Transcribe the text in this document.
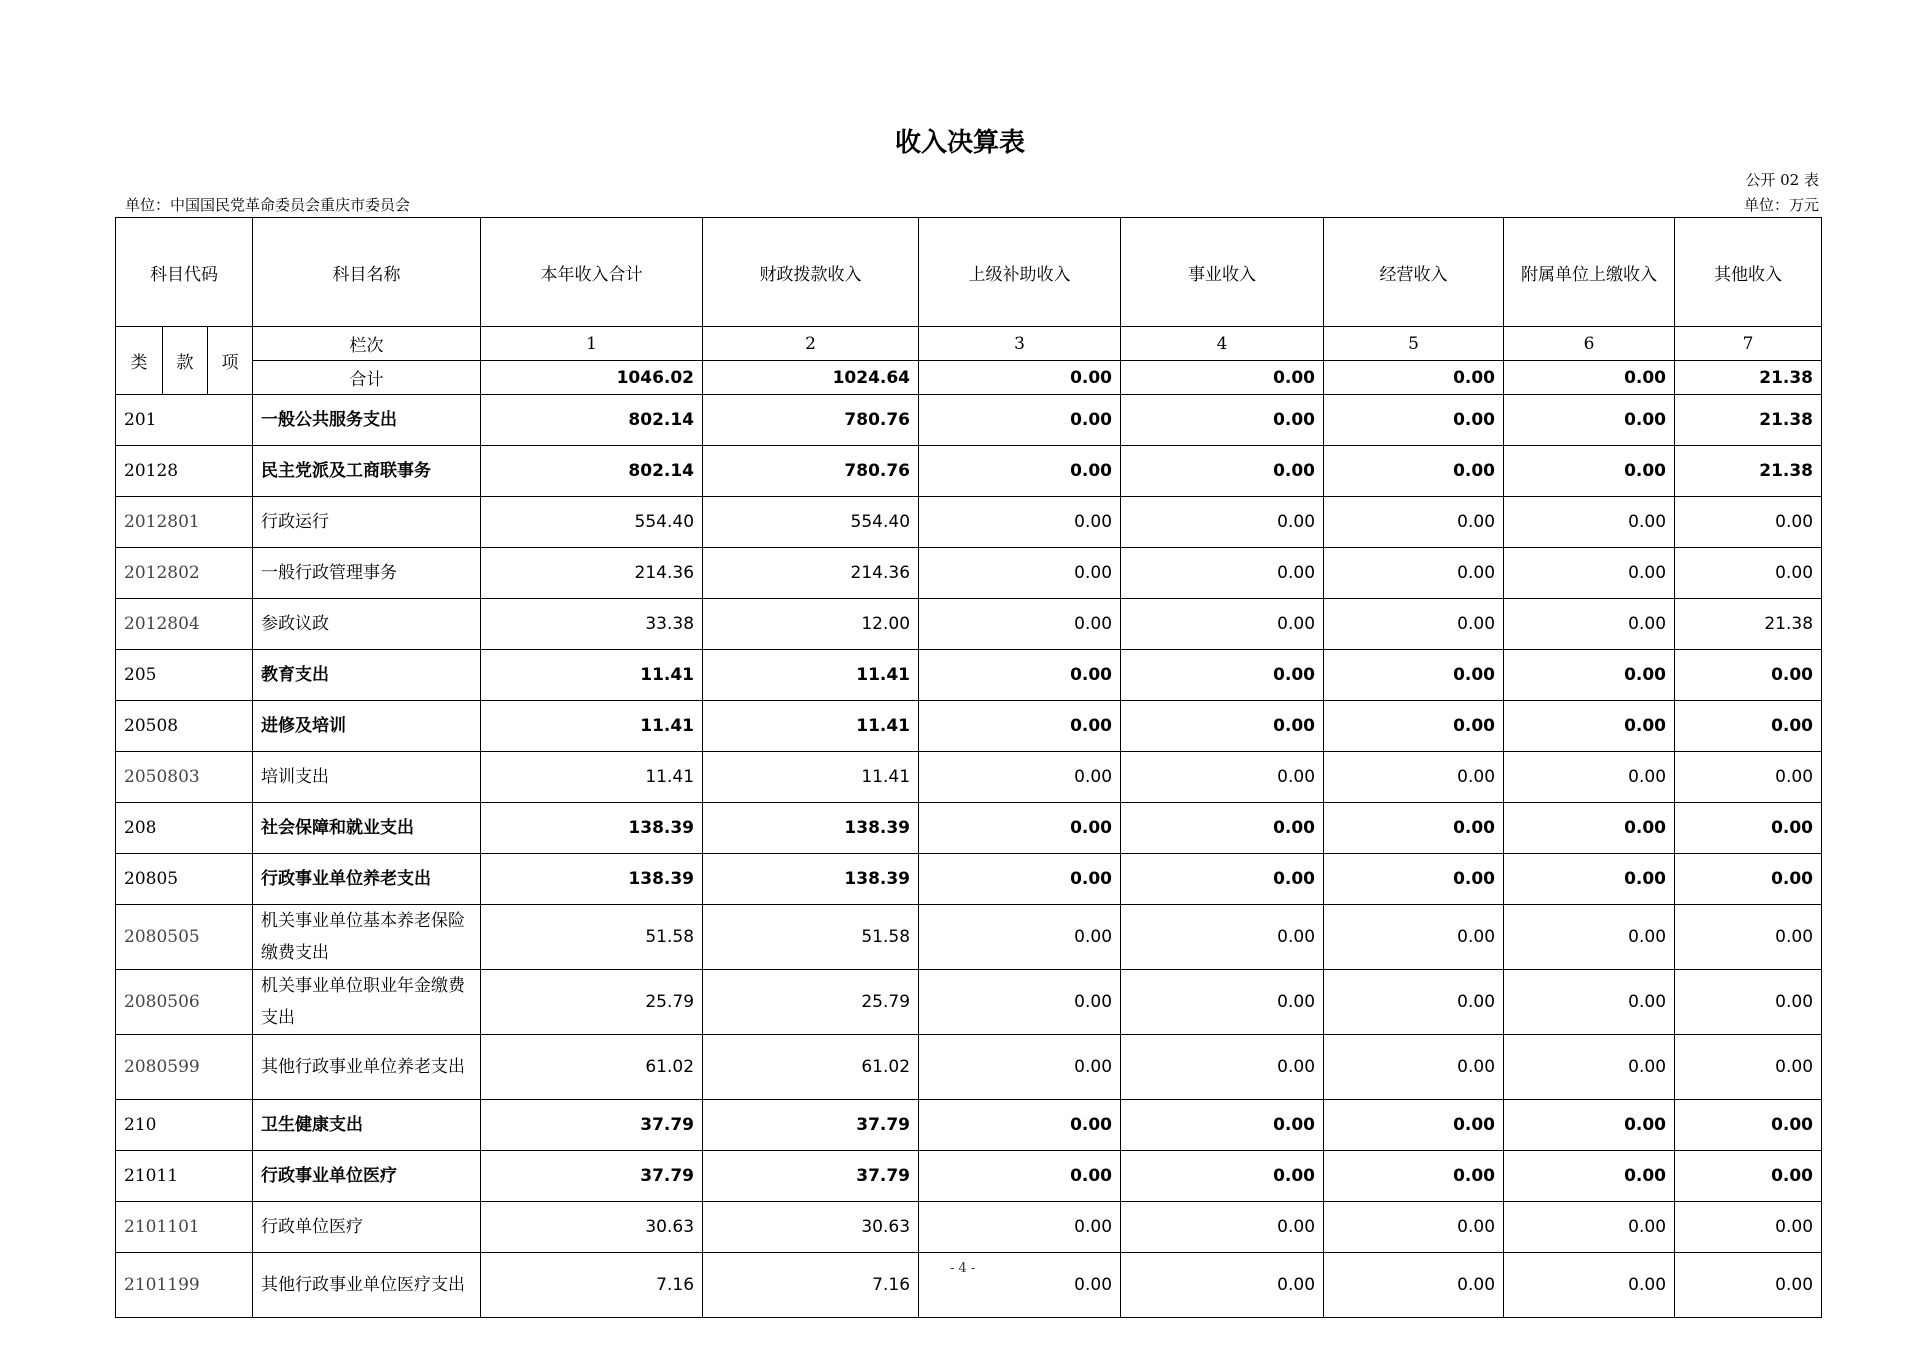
收入决算表
公开 02 表
单位：中国国民党革命委员会重庆市委员会	单位：万元
科目代码			科目名称	本年收入合计	财政拨款收入	上级补助收入	事业收入	经营收入	附属单位上缴收入	其他收入
类	款	项	栏次	1	2	3	4	5	6	7
			合计	1046.02	1024.64	0.00	0.00	0.00	0.00	21.38
201			一般公共服务支出	802.14	780.76	0.00	0.00	0.00	0.00	21.38
20128			民主党派及工商联事务	802.14	780.76	0.00	0.00	0.00	0.00	21.38
2012801			行政运行	554.40	554.40	0.00	0.00	0.00	0.00	0.00
2012802			一般行政管理事务	214.36	214.36	0.00	0.00	0.00	0.00	0.00
2012804			参政议政	33.38	12.00	0.00	0.00	0.00	0.00	21.38
205			教育支出	11.41	11.41	0.00	0.00	0.00	0.00	0.00
20508			进修及培训	11.41	11.41	0.00	0.00	0.00	0.00	0.00
2050803			培训支出	11.41	11.41	0.00	0.00	0.00	0.00	0.00
208			社会保障和就业支出	138.39	138.39	0.00	0.00	0.00	0.00	0.00
20805			行政事业单位养老支出	138.39	138.39	0.00	0.00	0.00	0.00	0.00
2080505			机关事业单位基本养老保险缴费支出	51.58	51.58	0.00	0.00	0.00	0.00	0.00
2080506			机关事业单位职业年金缴费支出	25.79	25.79	0.00	0.00	0.00	0.00	0.00
2080599			其他行政事业单位养老支出	61.02	61.02	0.00	0.00	0.00	0.00	0.00
210			卫生健康支出	37.79	37.79	0.00	0.00	0.00	0.00	0.00
21011			行政事业单位医疗	37.79	37.79	0.00	0.00	0.00	0.00	0.00
2101101			行政单位医疗	30.63	30.63	0.00	0.00	0.00	0.00	0.00
2101199			其他行政事业单位医疗支出	7.16	7.16	0.00	0.00	0.00	0.00	0.00
- 4 -
